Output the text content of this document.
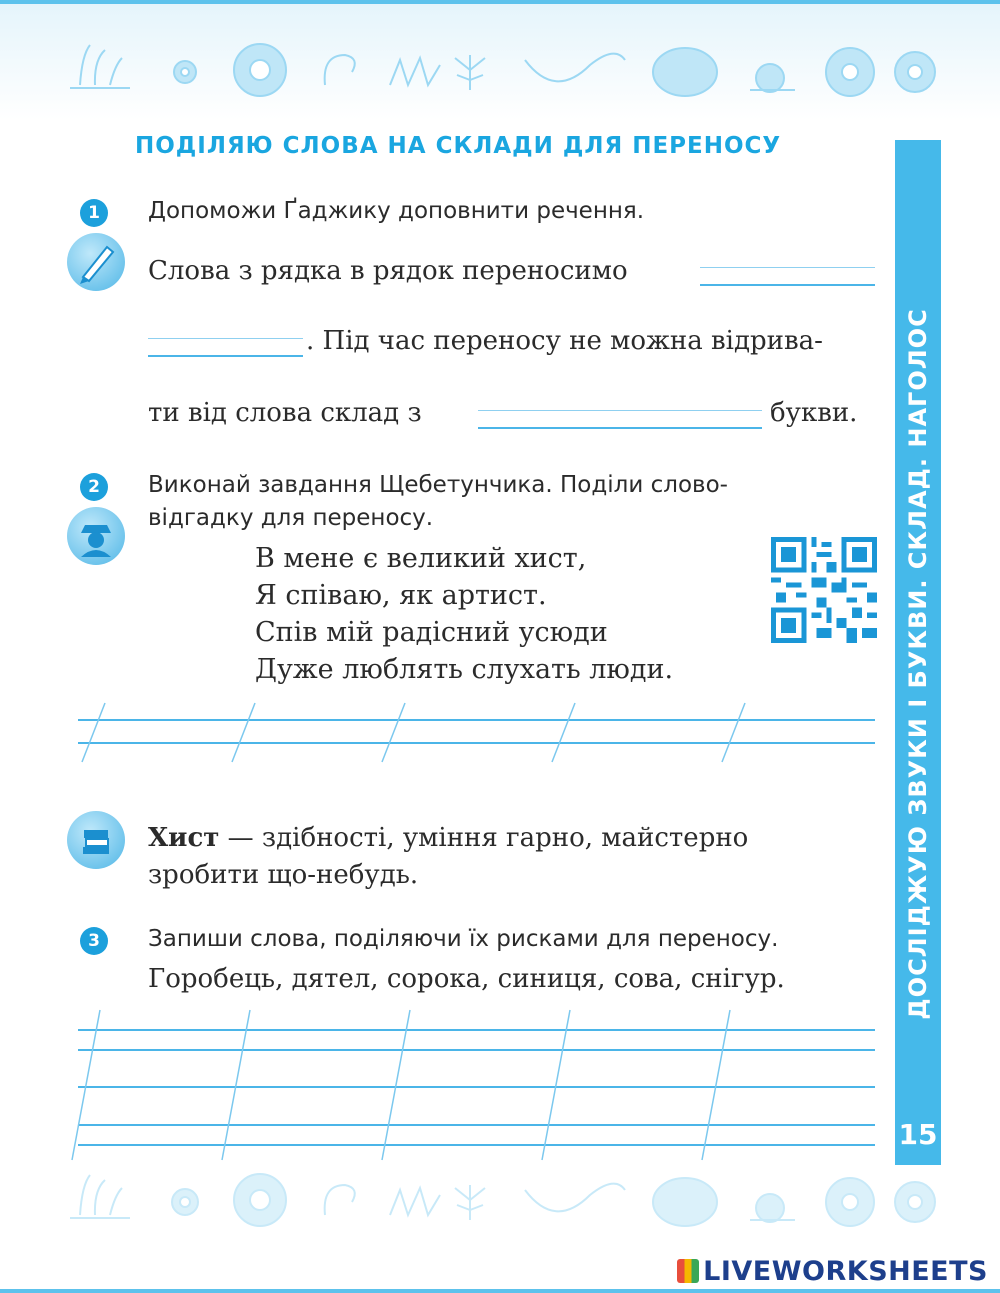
ПОДІЛЯЮ СЛОВА НА СКЛАДИ ДЛЯ ПЕРЕНОСУ
1	Допоможи Ґаджику доповнити речення.
Слова з рядка в рядок переносимо
. Під час переносу не можна відрива-
ти від слова склад з	букви.
2	Виконай завдання Щебетунчика. Поділи слово-
відгадку для переносу.
В мене є великий хист,
Я співаю, як артист.
Спів мій радісний усюди
Дуже люблять слухать люди.
Хист — здібності, уміння гарно, майстерно
зробити що-небудь.
3	Запиши слова, поділяючи їх рисками для переносу.
Горобець, дятел, сорока, синиця, сова, снігур.	ДОСЛІДЖУЮ ЗВУКИ І БУКВИ. СКЛАД. НАГОЛОС
15
LIVEWORKSHEETS
